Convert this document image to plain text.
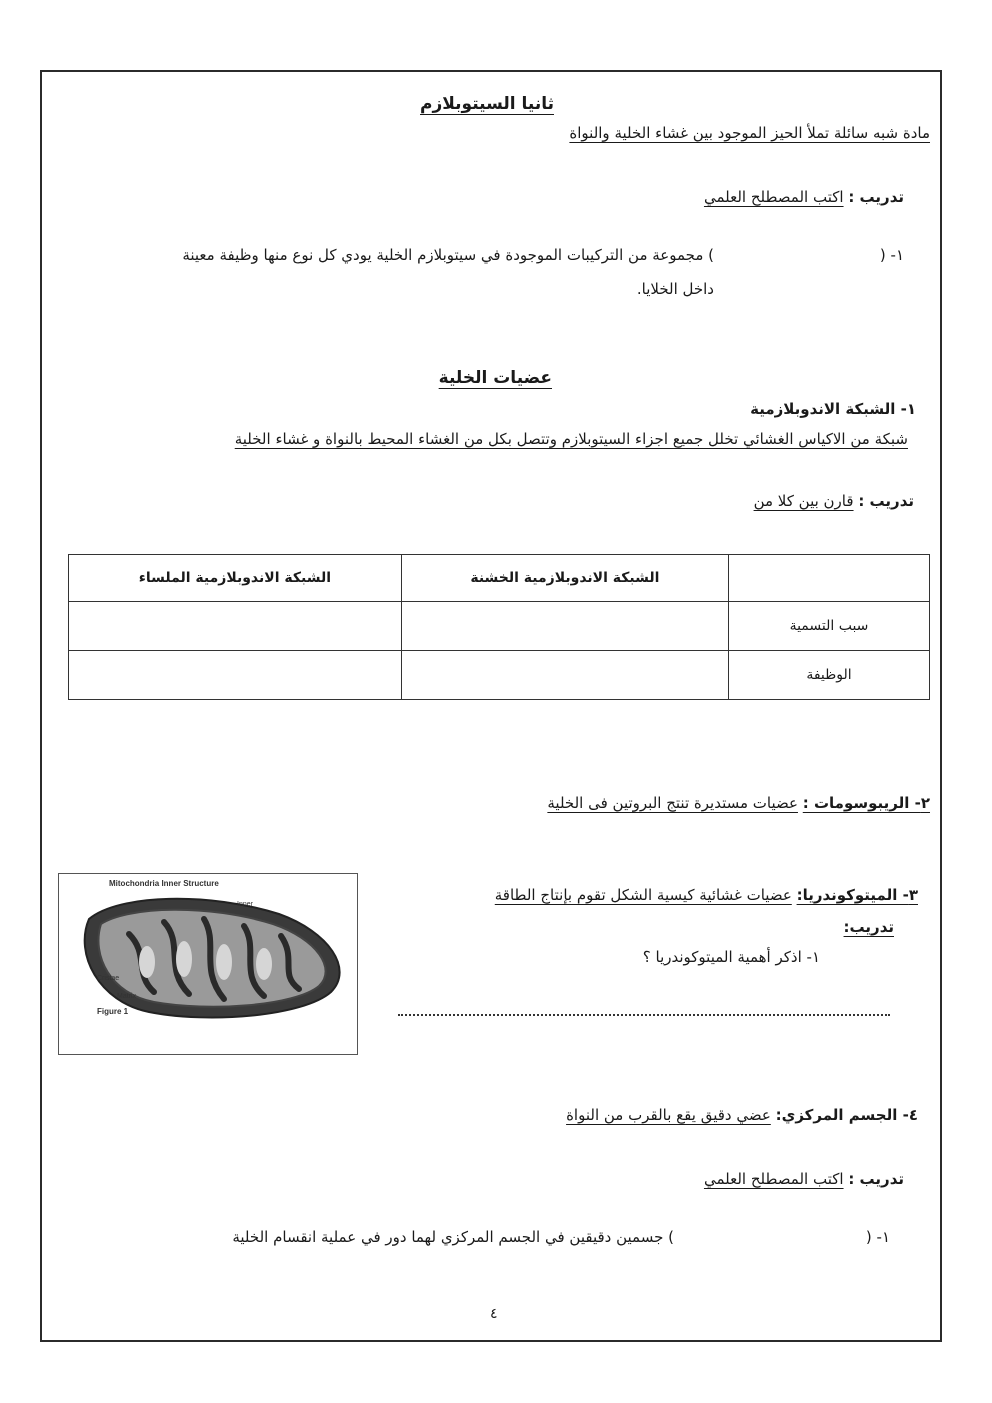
ثانيا السيتوبلازم
مادة شبه سائلة تملأ الحيز الموجود بين غشاء الخلية والنواة
تدريب : اكتب المصطلح العلمي
١- (
) مجموعة من التركيبات الموجودة في سيتوبلازم الخلية يودي كل نوع منها وظيفة معينة
داخل الخلايا.
عضيات الخلية
١- الشبكة الاندوبلازمية
شبكة من الاكياس الغشائي تخلل جميع اجزاء السيتوبلازم وتتصل بكل من الغشاء المحيط بالنواة و غشاء الخلية
تدريب : قارن بين كلا من
	الشبكة الاندوبلازمية الخشنة	الشبكة الاندوبلازمية الملساء
سبب التسمية		
الوظيفة		
٢- الريبوسومات : عضيات مستديرة تنتج البروتين فى الخلية
٣- الميتوكوندريا: عضيات غشائية كيسية الشكل تقوم بإنتاج الطاقة
تدريب:
١- اذكر أهمية الميتوكوندريا ؟
Mitochondria Inner Structure
Inner
Cristae
Matrix
Figure 1
٤- الجسم المركزي: عضي دقيق يقع بالقرب من النواة
تدريب : اكتب المصطلح العلمي
١- (
) جسمين دقيقين في الجسم المركزي لهما دور في عملية انقسام الخلية
٤
